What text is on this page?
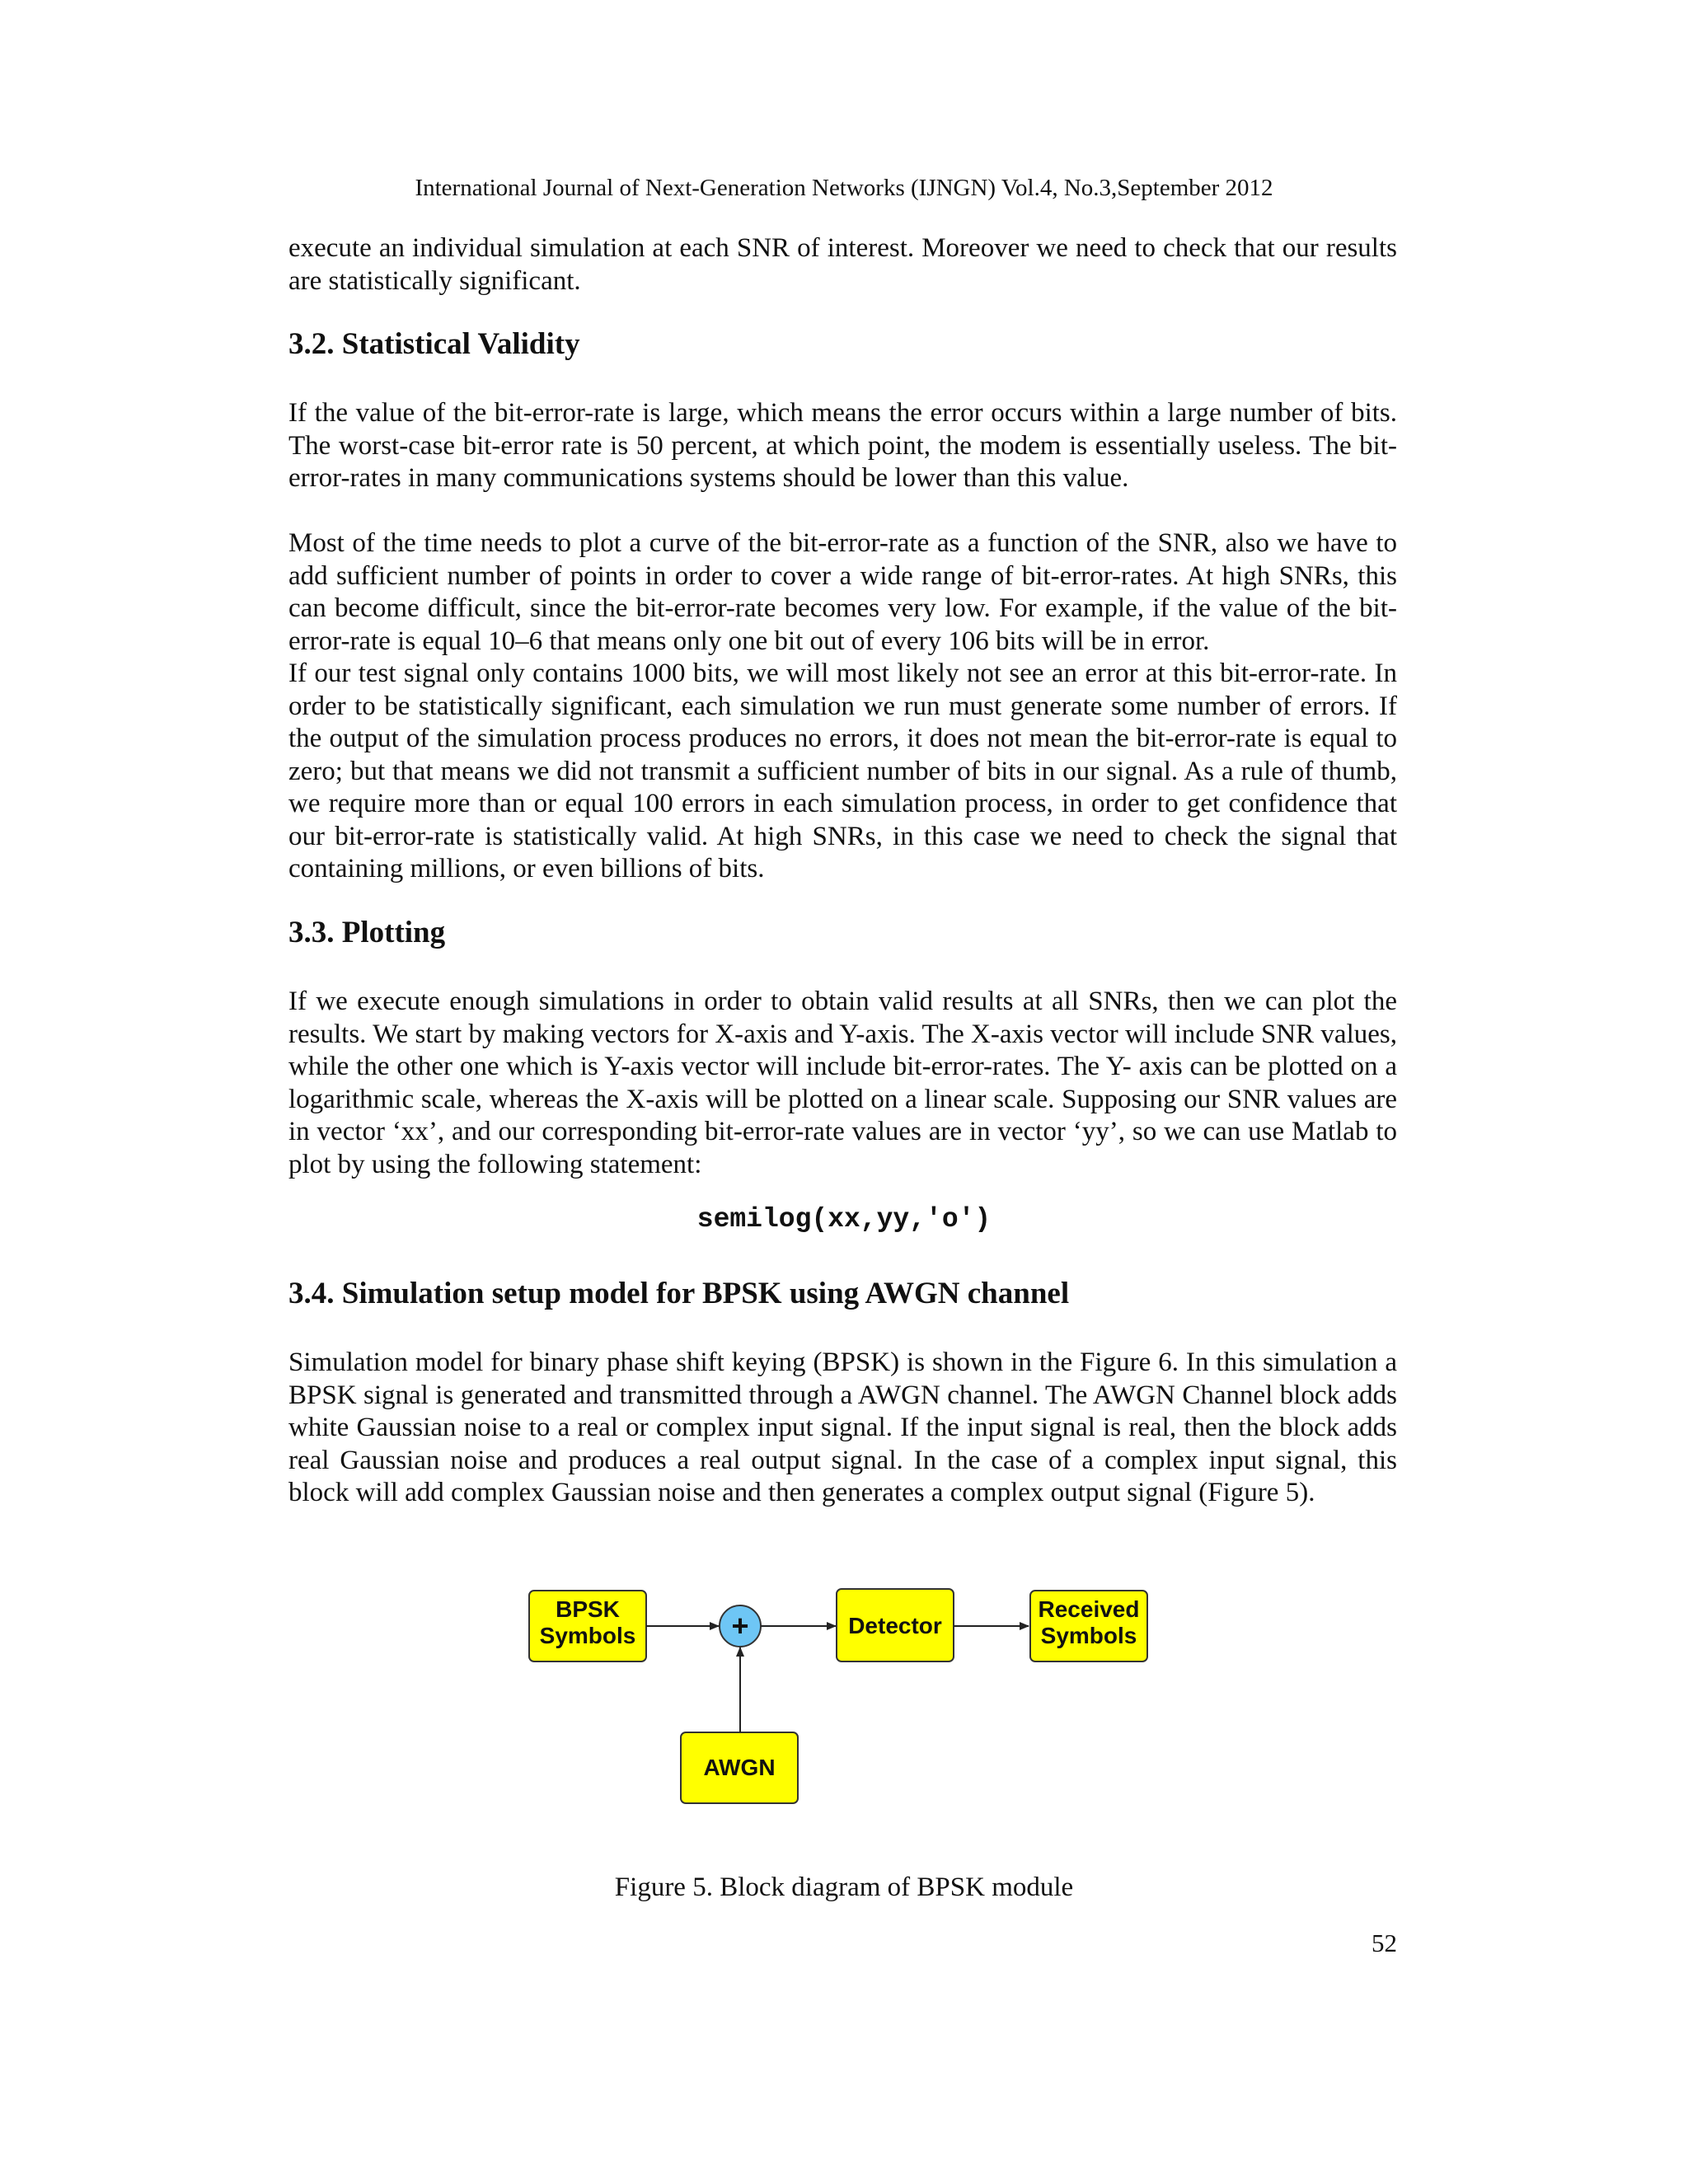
International Journal of Next-Generation Networks (IJNGN) Vol.4, No.3,September 2012

execute an individual simulation at each SNR of interest. Moreover we need to check that our results are statistically significant.

3.2. Statistical Validity

If the value of the bit-error-rate is large, which means the error occurs within a large number of bits. The worst-case bit-error rate is 50 percent, at which point, the modem is essentially useless. The bit-error-rates in many communications systems should be lower than this value.

Most of the time needs to plot a curve of the bit-error-rate as a function of the SNR, also we have to add sufficient number of points in order to cover a wide range of bit-error-rates. At high SNRs, this can become difficult, since the bit-error-rate becomes very low. For example, if the value of the bit-error-rate is equal 10–6 that means only one bit out of every 106 bits will be in error.

If our test signal only contains 1000 bits, we will most likely not see an error at this bit-error-rate. In order to be statistically significant, each simulation we run must generate some number of errors. If the output of the simulation process produces no errors, it does not mean the bit-error-rate is equal to zero; but that means we did not transmit a sufficient number of bits in our signal. As a rule of thumb, we require more than or equal 100 errors in each simulation process, in order to get confidence that our bit-error-rate is statistically valid. At high SNRs, in this case we need to check the signal that containing millions, or even billions of bits.

3.3. Plotting

If we execute enough simulations in order to obtain valid results at all SNRs, then we can plot the results. We start by making vectors for X-axis and Y-axis. The X-axis vector will include SNR values, while the other one which is Y-axis vector will include bit-error-rates. The Y- axis can be plotted on a logarithmic scale, whereas the X-axis will be plotted on a linear scale. Supposing our SNR values are in vector ‘xx’, and our corresponding bit-error-rate values are in vector ‘yy’, so we can use Matlab to plot by using the following statement:

semilog(xx,yy,'o')
3.4. Simulation setup model for BPSK using AWGN channel

Simulation model for binary phase shift keying (BPSK) is shown in the Figure 6. In this simulation a BPSK signal is generated and transmitted through a AWGN channel. The AWGN Channel block adds white Gaussian noise to a real or complex input signal. If the input signal is real, then the block adds real Gaussian noise and produces a real output signal. In the case of a complex input signal, this block will add complex Gaussian noise and then generates a complex output signal (Figure 5).

BPSK
Symbols	+	Detector
Received
Symbols
AWGN
Figure 5. Block diagram of BPSK module
52
